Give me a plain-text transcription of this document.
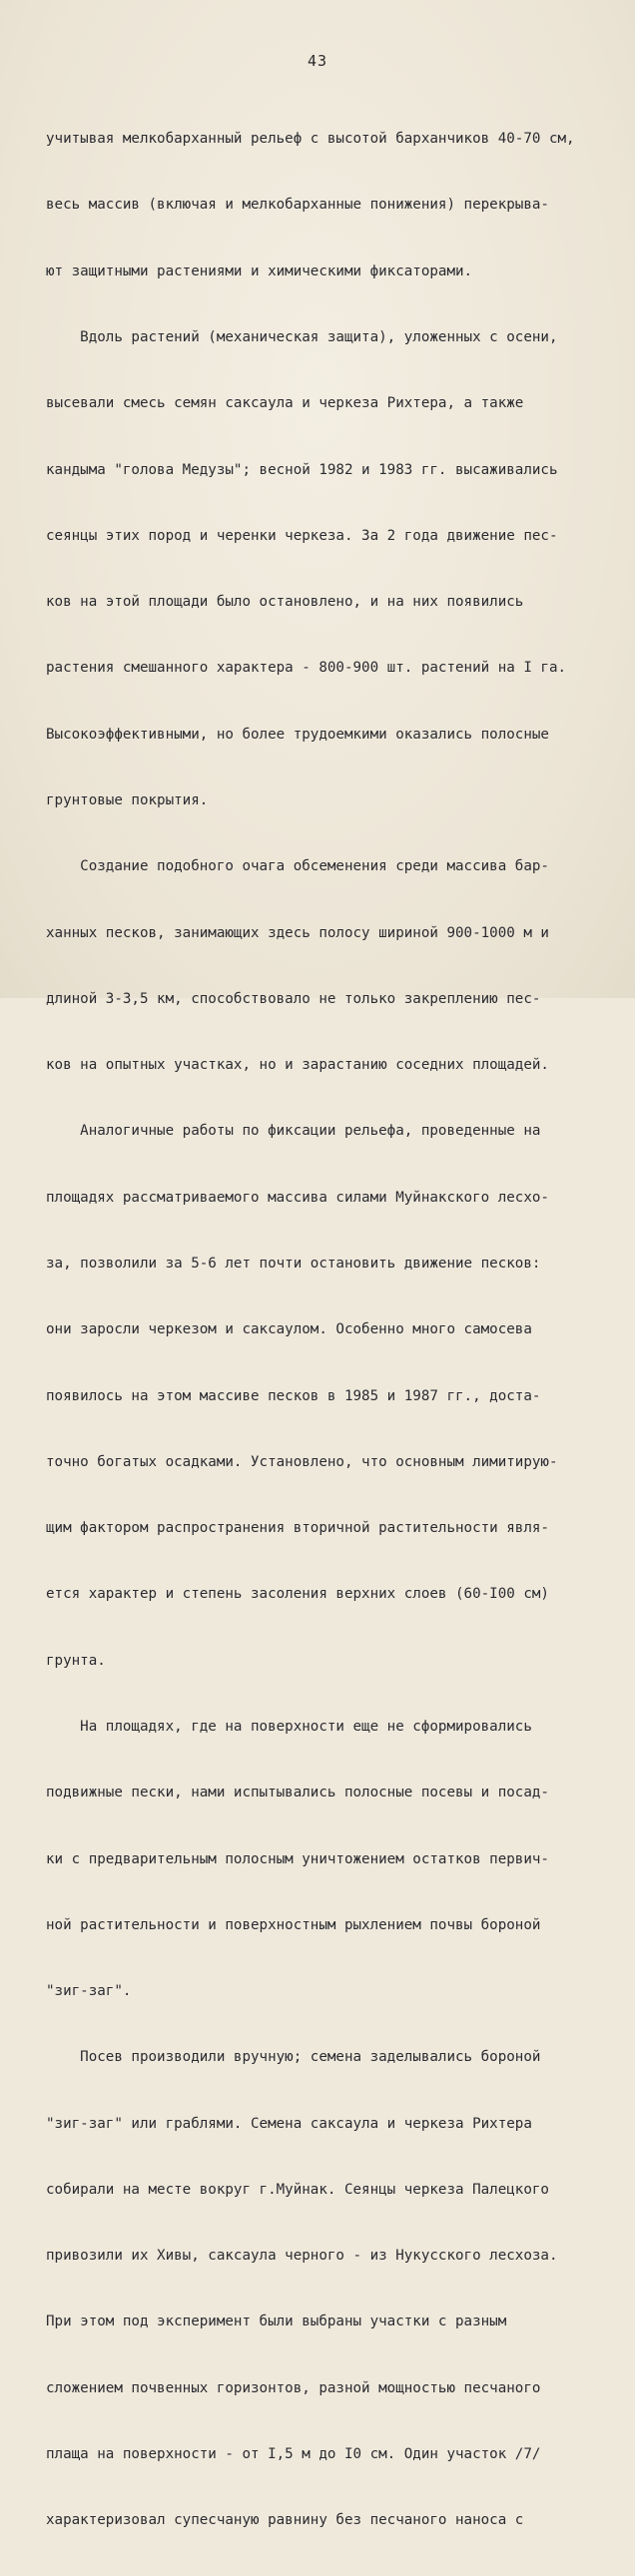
43

учитывая мелкобарханный рельеф с высотой барханчиков 40-70 см,

весь массив (включая и мелкобарханные понижения) перекрыва-

ют защитными растениями и химическими фиксаторами.

Вдоль растений (механическая защита), уложенных с осени,

высевали смесь семян саксаула и черкеза Рихтера, а также

кандыма "голова Медузы"; весной 1982 и 1983 гг. высаживались

сеянцы этих пород и черенки черкеза. За 2 года движение пес-

ков на этой площади было остановлено, и на них появились

растения смешанного характера - 800-900 шт. растений на I га.

Высокоэффективными, но более трудоемкими оказались полосные

грунтовые покрытия.

Создание подобного очага обсеменения среди массива бар-

ханных песков, занимающих здесь полосу шириной 900-1000 м и

длиной 3-3,5 км, способствовало не только закреплению пес-

ков на опытных участках, но и зарастанию соседних площадей.

Аналогичные работы по фиксации рельефа, проведенные на

площадях рассматриваемого массива силами Муйнакского лесхо-

за, позволили за 5-6 лет почти остановить движение песков:

они заросли черкезом и саксаулом. Особенно много самосева

появилось на этом массиве песков в 1985 и 1987 гг., доста-

точно богатых осадками. Установлено, что основным лимитирую-

щим фактором распространения вторичной растительности явля-

ется характер и степень засоления верхних слоев (60-I00 см)

грунта.

На площадях, где на поверхности еще не сформировались

подвижные пески, нами испытывались полосные посевы и посад-

ки с предварительным полосным уничтожением остатков первич-

ной растительности и поверхностным рыхлением почвы бороной

"зиг-заг".

Посев производили вручную; семена заделывались бороной

"зиг-заг" или граблями. Семена саксаула и черкеза Рихтера

собирали на месте вокруг г.Муйнак. Сеянцы черкеза Палецкого

привозили их Хивы, саксаула черного - из Нукусского лесхоза.

При этом под эксперимент были выбраны участки с разным

сложением почвенных горизонтов, разной мощностью песчаного

плаща на поверхности - от I,5 м до I0 см. Один участок /7/

характеризовал супесчаную равнину без песчаного наноса с
